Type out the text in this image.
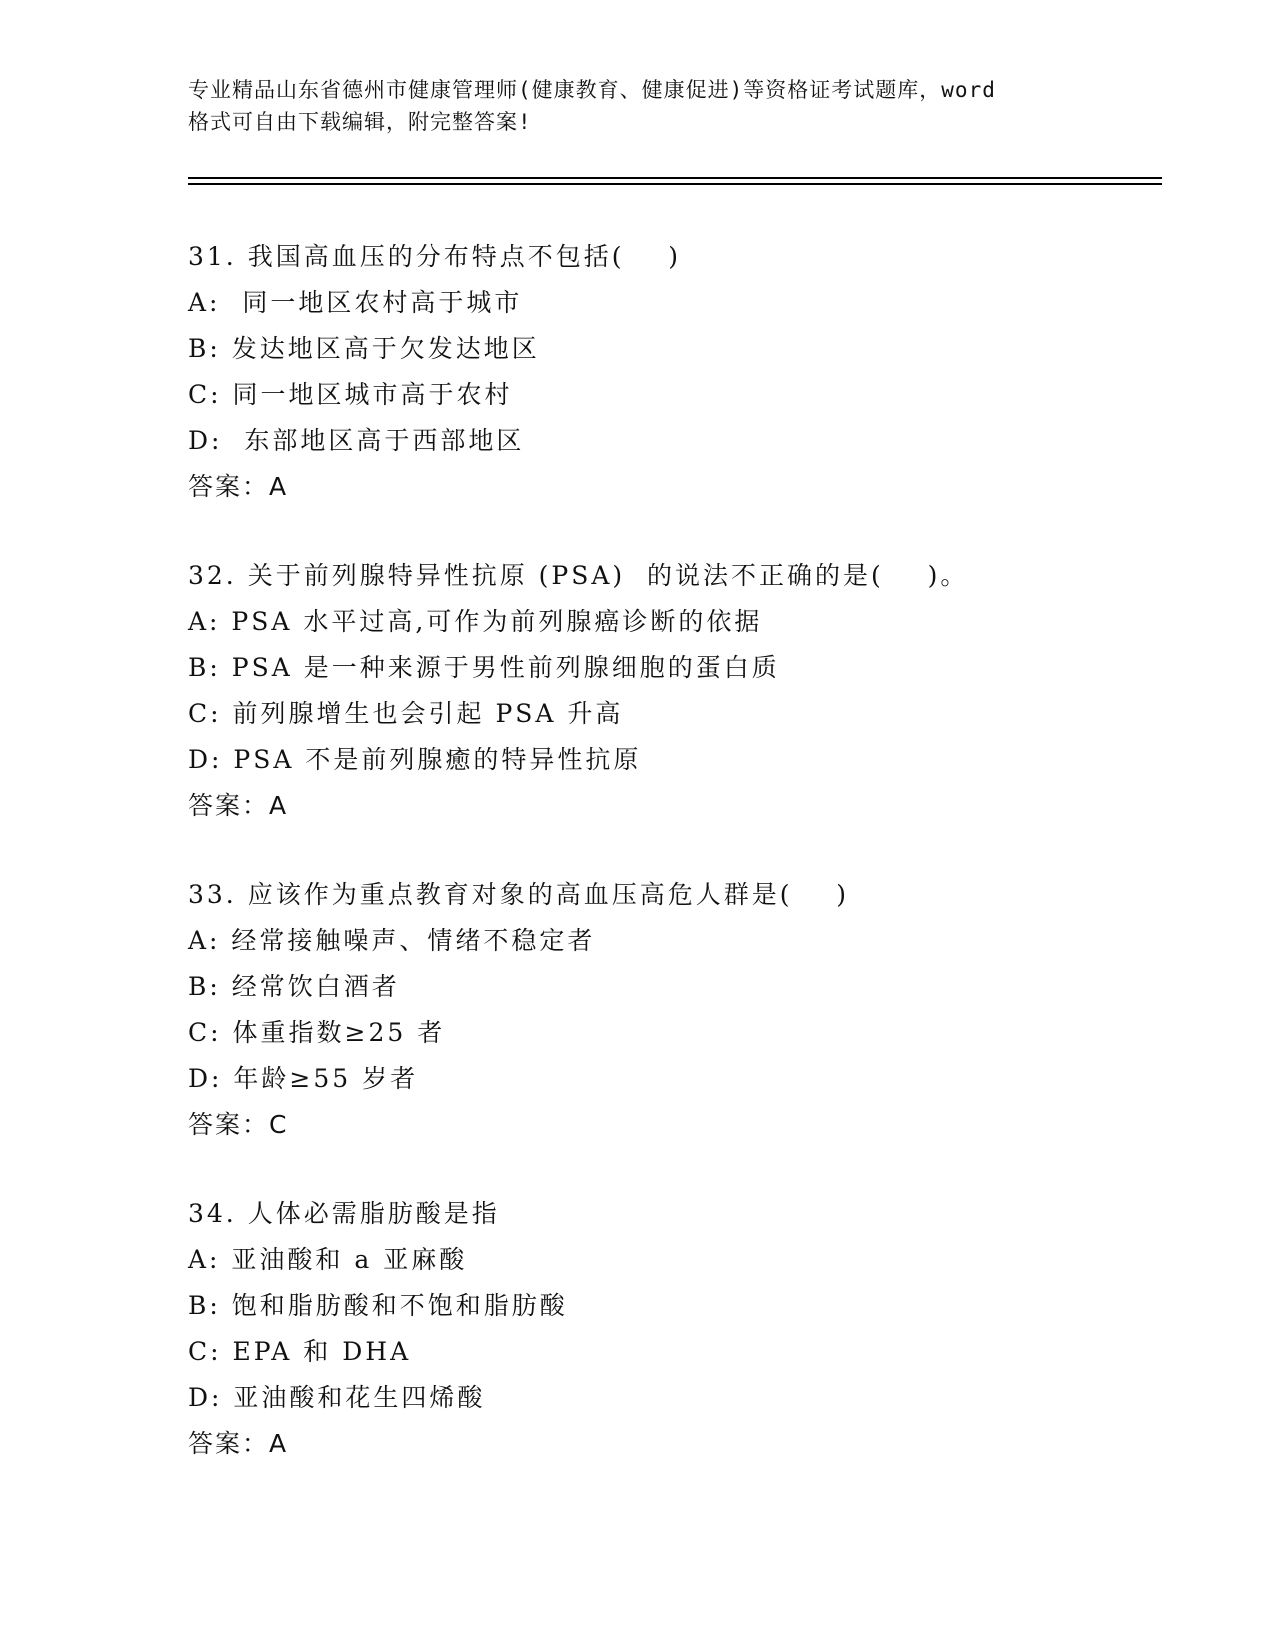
专业精品山东省德州市健康管理师(健康教育、健康促进)等资格证考试题库，word
格式可自由下载编辑，附完整答案!
31. 我国高血压的分布特点不包括(    )
A:  同一地区农村高于城市
B: 发达地区高于欠发达地区
C: 同一地区城市高于农村
D:  东部地区高于西部地区
答案：A
32. 关于前列腺特异性抗原 (PSA)  的说法不正确的是(    )。
A: PSA 水平过高,可作为前列腺癌诊断的依据
B: PSA 是一种来源于男性前列腺细胞的蛋白质
C: 前列腺增生也会引起 PSA 升高
D: PSA 不是前列腺癒的特异性抗原
答案：A
33. 应该作为重点教育对象的高血压高危人群是(    )
A: 经常接触噪声、情绪不稳定者
B: 经常饮白酒者
C: 体重指数≥25 者
D: 年龄≥55 岁者
答案：C
34. 人体必需脂肪酸是指
A: 亚油酸和 a 亚麻酸
B: 饱和脂肪酸和不饱和脂肪酸
C: EPA 和 DHA
D: 亚油酸和花生四烯酸
答案：A
